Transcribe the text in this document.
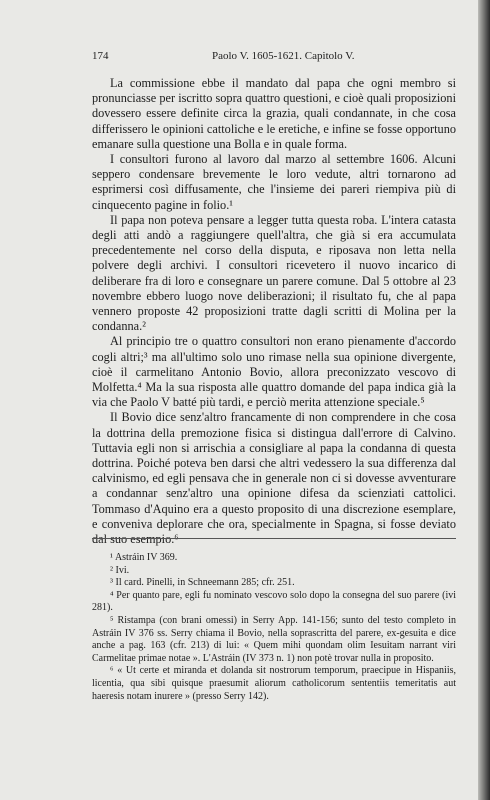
174	Paolo V. 1605-1621. Capitolo V.

La commissione ebbe il mandato dal papa che ogni membro si pronunciasse per iscritto sopra quattro questioni, e cioè quali proposizioni dovessero essere definite circa la grazia, quali condannate, in che cosa differissero le opinioni cattoliche e le eretiche, e infine se fosse opportuno emanare sulla questione una Bolla e in quale forma.

I consultori furono al lavoro dal marzo al settembre 1606. Alcuni seppero condensare brevemente le loro vedute, altri tornarono ad esprimersi così diffusamente, che l'insieme dei pareri riempiva più di cinquecento pagine in folio.¹

Il papa non poteva pensare a legger tutta questa roba. L'intera catasta degli atti andò a raggiungere quell'altra, che già si era accumulata precedentemente nel corso della disputa, e riposava non letta nella polvere degli archivi. I consultori ricevetero il nuovo incarico di deliberare fra di loro e consegnare un parere comune. Dal 5 ottobre al 23 novembre ebbero luogo nove deliberazioni; il risultato fu, che al papa vennero proposte 42 proposizioni tratte dagli scritti di Molina per la condanna.²

Al principio tre o quattro consultori non erano pienamente d'accordo cogli altri;³ ma all'ultimo solo uno rimase nella sua opinione divergente, cioè il carmelitano Antonio Bovio, allora preconizzato vescovo di Molfetta.⁴ Ma la sua risposta alle quattro domande del papa indica già la via che Paolo V batté più tardi, e perciò merita attenzione speciale.⁵

Il Bovio dice senz'altro francamente di non comprendere in che cosa la dottrina della premozione fisica si distingua dall'errore di Calvino. Tuttavia egli non si arrischia a consigliare al papa la condanna di questa dottrina. Poiché poteva ben darsi che altri vedessero la sua differenza dal calvinismo, ed egli pensava che in generale non ci si dovesse avventurare a condannar senz'altro una opinione difesa da scienziati cattolici. Tommaso d'Aquino era a questo proposito di una discrezione esemplare, e conveniva deplorare che ora, specialmente in Spagna, si fosse deviato dal suo esempio.⁶

¹ Astráin IV 369.

² Ivi.

³ Il card. Pinelli, in Schneemann 285; cfr. 251.

⁴ Per quanto pare, egli fu nominato vescovo solo dopo la consegna del suo parere (ivi 281).

⁵ Ristampa (con brani omessi) in Serry App. 141-156; sunto del testo completo in Astráin IV 376 ss. Serry chiama il Bovio, nella soprascritta del parere, ex-gesuita e dice anche a pag. 163 (cfr. 213) di lui: « Quem mihi quondam olim Iesuitam narrant viri Carmelitae primae notae ». L'Astráin (IV 373 n. 1) non potè trovar nulla in proposito.

⁶ « Ut certe et miranda et dolanda sit nostrorum temporum, praecipue in Hispaniis, licentia, qua sibi quisque praesumit aliorum catholicorum sententiis temeritatis aut haeresis notam inurere » (presso Serry 142).
